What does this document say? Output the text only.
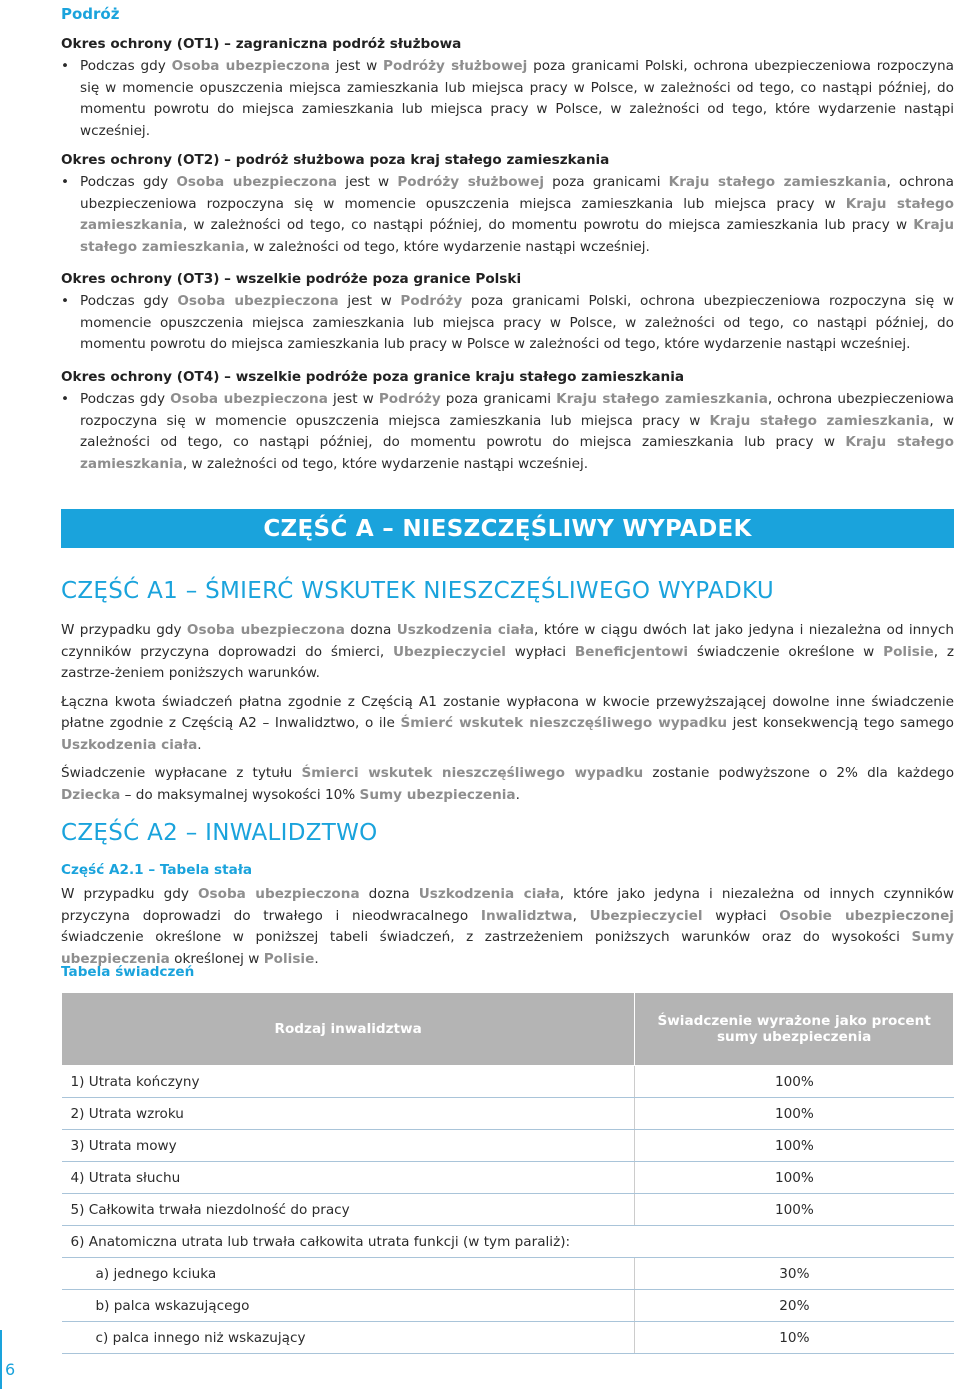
Podróż
Okres ochrony (OT1) – zagraniczna podróż służbowa

• Podczas gdy Osoba ubezpieczona jest w Podróży służbowej poza granicami Polski, ochrona ubezpieczeniowa rozpoczyna się w momencie opuszczenia miejsca zamieszkania lub miejsca pracy w Polsce, w zależności od tego, co nastąpi później, do momentu powrotu do miejsca zamieszkania lub miejsca pracy w Polsce, w zależności od tego, które wydarzenie nastąpi wcześniej.

Okres ochrony (OT2) – podróż służbowa poza kraj stałego zamieszkania

• Podczas gdy Osoba ubezpieczona jest w Podróży służbowej poza granicami Kraju stałego zamieszkania, ochrona ubezpieczeniowa rozpoczyna się w momencie opuszczenia miejsca zamieszkania lub miejsca pracy w Kraju stałego zamieszkania, w zależności od tego, co nastąpi później, do momentu powrotu do miejsca zamieszkania lub pracy w Kraju stałego zamieszkania, w zależności od tego, które wydarzenie nastąpi wcześniej.

Okres ochrony (OT3) – wszelkie podróże poza granice Polski

• Podczas gdy Osoba ubezpieczona jest w Podróży poza granicami Polski, ochrona ubezpieczeniowa rozpoczyna się w momencie opuszczenia miejsca zamieszkania lub miejsca pracy w Polsce, w zależności od tego, co nastąpi później, do momentu powrotu do miejsca zamieszkania lub pracy w Polsce w zależności od tego, które wydarzenie nastąpi wcześniej.

Okres ochrony (OT4) – wszelkie podróże poza granice kraju stałego zamieszkania

• Podczas gdy Osoba ubezpieczona jest w Podróży poza granicami Kraju stałego zamieszkania, ochrona ubezpieczeniowa rozpoczyna się w momencie opuszczenia miejsca zamieszkania lub miejsca pracy w Kraju stałego zamieszkania, w zależności od tego, co nastąpi później, do momentu powrotu do miejsca zamieszkania lub pracy w Kraju stałego zamieszkania, w zależności od tego, które wydarzenie nastąpi wcześniej.

CZĘŚĆ A – NIESZCZĘŚLIWY WYPADEK
CZĘŚĆ A1 – ŚMIERĆ WSKUTEK NIESZCZĘŚLIWEGO WYPADKU

W przypadku gdy Osoba ubezpieczona dozna Uszkodzenia ciała, które w ciągu dwóch lat jako jedyna i niezależna od innych czynników przyczyna doprowadzi do śmierci, Ubezpieczyciel wypłaci Beneficjentowi świadczenie określone w Polisie, z zastrze-żeniem poniższych warunków.

Łączna kwota świadczeń płatna zgodnie z Częścią A1 zostanie wypłacona w kwocie przewyższającej dowolne inne świadczenie płatne zgodnie z Częścią A2 – Inwalidztwo, o ile Śmierć wskutek nieszczęśliwego wypadku jest konsekwencją tego samego Uszkodzenia ciała.

Świadczenie wypłacane z tytułu Śmierci wskutek nieszczęśliwego wypadku zostanie podwyższone o 2% dla każdego Dziecka – do maksymalnej wysokości 10% Sumy ubezpieczenia.

CZĘŚĆ A2 – INWALIDZTWO
Część A2.1 – Tabela stała

W przypadku gdy Osoba ubezpieczona dozna Uszkodzenia ciała, które jako jedyna i niezależna od innych czynników przyczyna doprowadzi do trwałego i nieodwracalnego Inwalidztwa, Ubezpieczyciel wypłaci Osobie ubezpieczonej świadczenie określone w poniższej tabeli świadczeń, z zastrzeżeniem poniższych warunków oraz do wysokości Sumy ubezpieczenia określonej w Polisie.

Tabela świadczeń
Rodzaj inwalidztwa	Świadczenie wyrażone jako procent sumy ubezpieczenia
1) Utrata kończyny	100%
2) Utrata wzroku	100%
3) Utrata mowy	100%
4) Utrata słuchu	100%
5) Całkowita trwała niezdolność do pracy	100%
6) Anatomiczna utrata lub trwała całkowita utrata funkcji (w tym paraliż):	
a) jednego kciuka	30%
b) palca wskazującego	20%
c) palca innego niż wskazujący	10%
6
